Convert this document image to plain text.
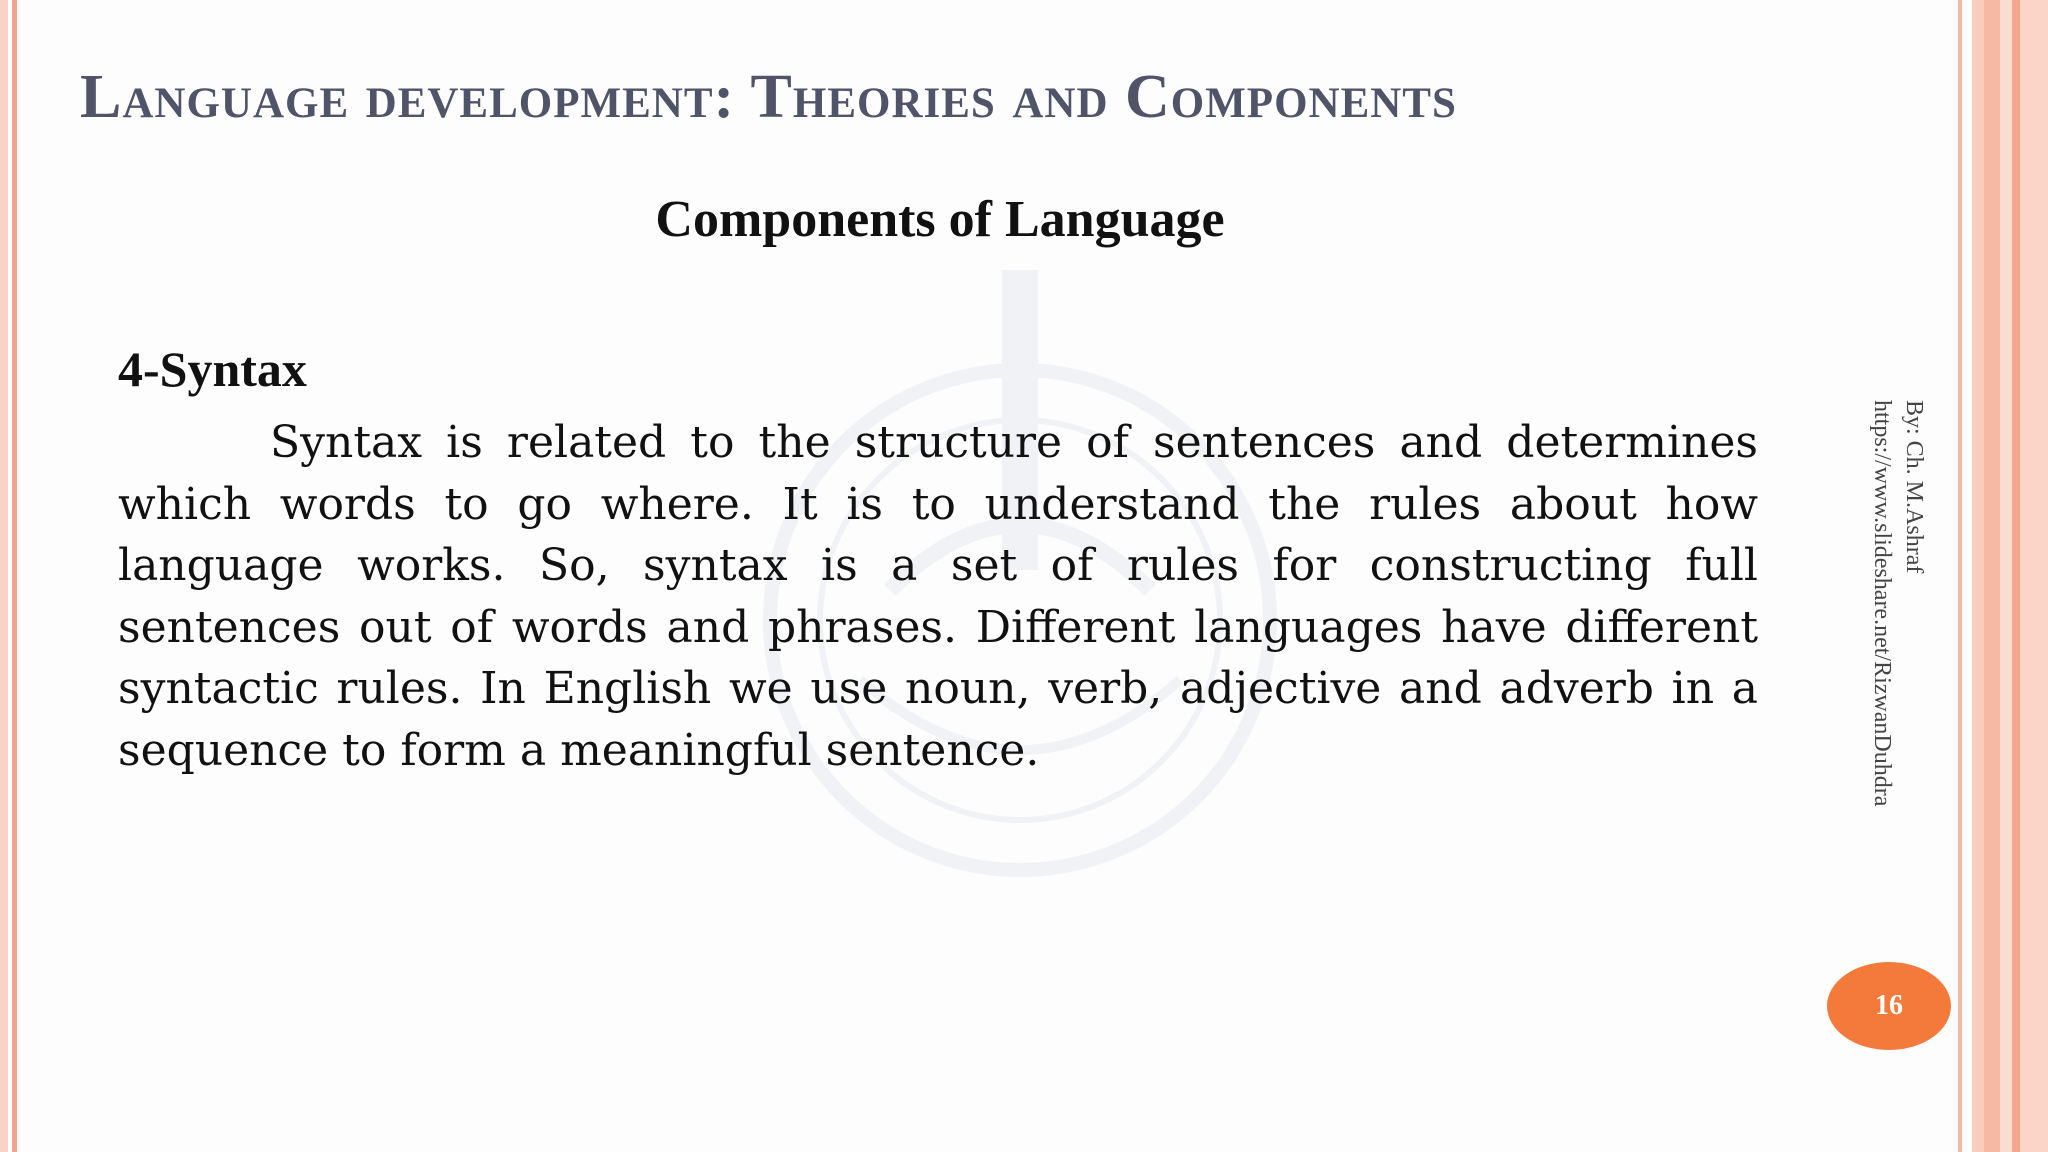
Language development: Theories and Components
Components of Language
4-Syntax
Syntax is related to the structure of sentences and determines which words to go where. It is to understand the rules about how language works. So, syntax is a set of rules for constructing full sentences out of words and phrases. Different languages have different syntactic rules. In English we use noun, verb, adjective and adverb in a sequence to form a meaningful sentence.
By: Ch. M.Ashraf
https://www.slideshare.net/RizwanDuhdra
16
